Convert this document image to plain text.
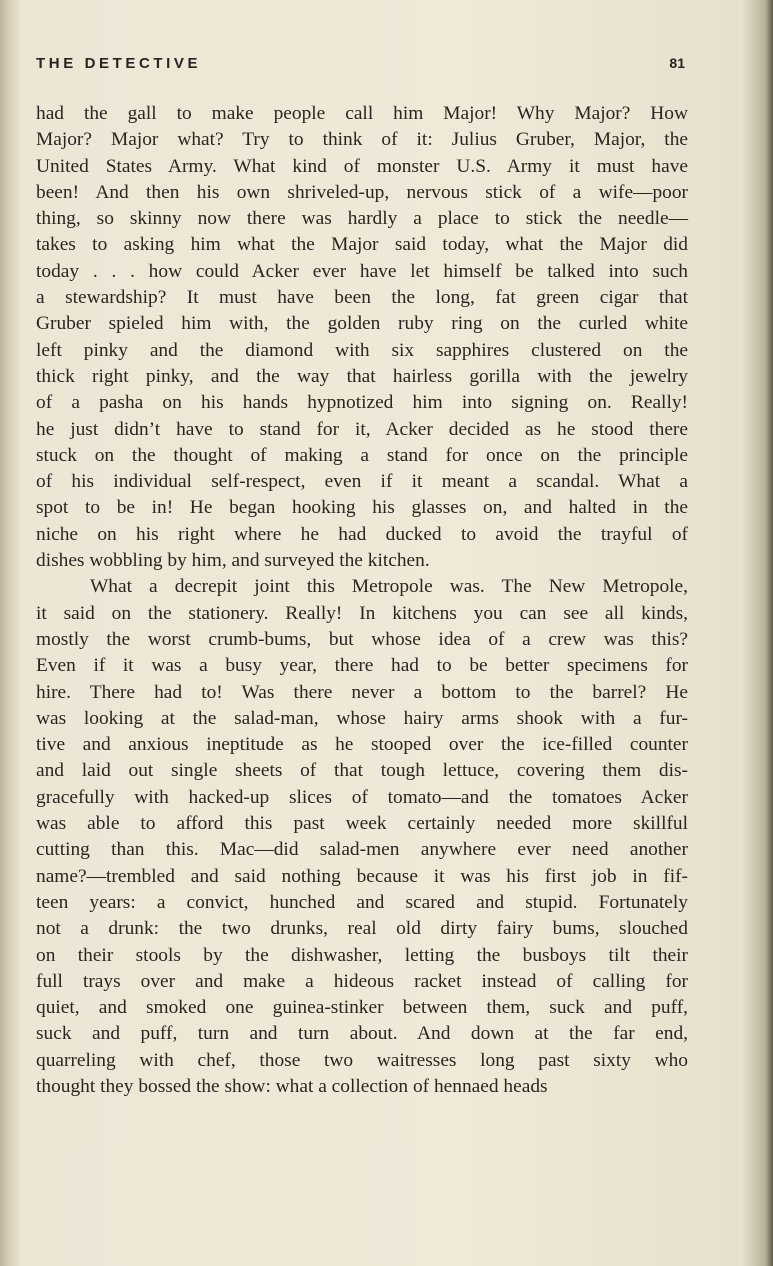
THE DETECTIVE	81
had the gall to make people call him Major! Why Major? How
Major? Major what? Try to think of it: Julius Gruber, Major, the
United States Army. What kind of monster U.S. Army it must have
been! And then his own shriveled-up, nervous stick of a wife—poor
thing, so skinny now there was hardly a place to stick the needle—
takes to asking him what the Major said today, what the Major did
today . . . how could Acker ever have let himself be talked into such
a stewardship? It must have been the long, fat green cigar that
Gruber spieled him with, the golden ruby ring on the curled white
left pinky and the diamond with six sapphires clustered on the
thick right pinky, and the way that hairless gorilla with the jewelry
of a pasha on his hands hypnotized him into signing on. Really!
he just didn’t have to stand for it, Acker decided as he stood there
stuck on the thought of making a stand for once on the principle
of his individual self-respect, even if it meant a scandal. What a
spot to be in! He began hooking his glasses on, and halted in the
niche on his right where he had ducked to avoid the trayful of
dishes wobbling by him, and surveyed the kitchen.
What a decrepit joint this Metropole was. The New Metropole,
it said on the stationery. Really! In kitchens you can see all kinds,
mostly the worst crumb-bums, but whose idea of a crew was this?
Even if it was a busy year, there had to be better specimens for
hire. There had to! Was there never a bottom to the barrel? He
was looking at the salad-man, whose hairy arms shook with a fur-
tive and anxious ineptitude as he stooped over the ice-filled counter
and laid out single sheets of that tough lettuce, covering them dis-
gracefully with hacked-up slices of tomato—and the tomatoes Acker
was able to afford this past week certainly needed more skillful
cutting than this. Mac—did salad-men anywhere ever need another
name?—trembled and said nothing because it was his first job in fif-
teen years: a convict, hunched and scared and stupid. Fortunately
not a drunk: the two drunks, real old dirty fairy bums, slouched
on their stools by the dishwasher, letting the busboys tilt their
full trays over and make a hideous racket instead of calling for
quiet, and smoked one guinea-stinker between them, suck and puff,
suck and puff, turn and turn about. And down at the far end,
quarreling with chef, those two waitresses long past sixty who
thought they bossed the show: what a collection of hennaed heads
